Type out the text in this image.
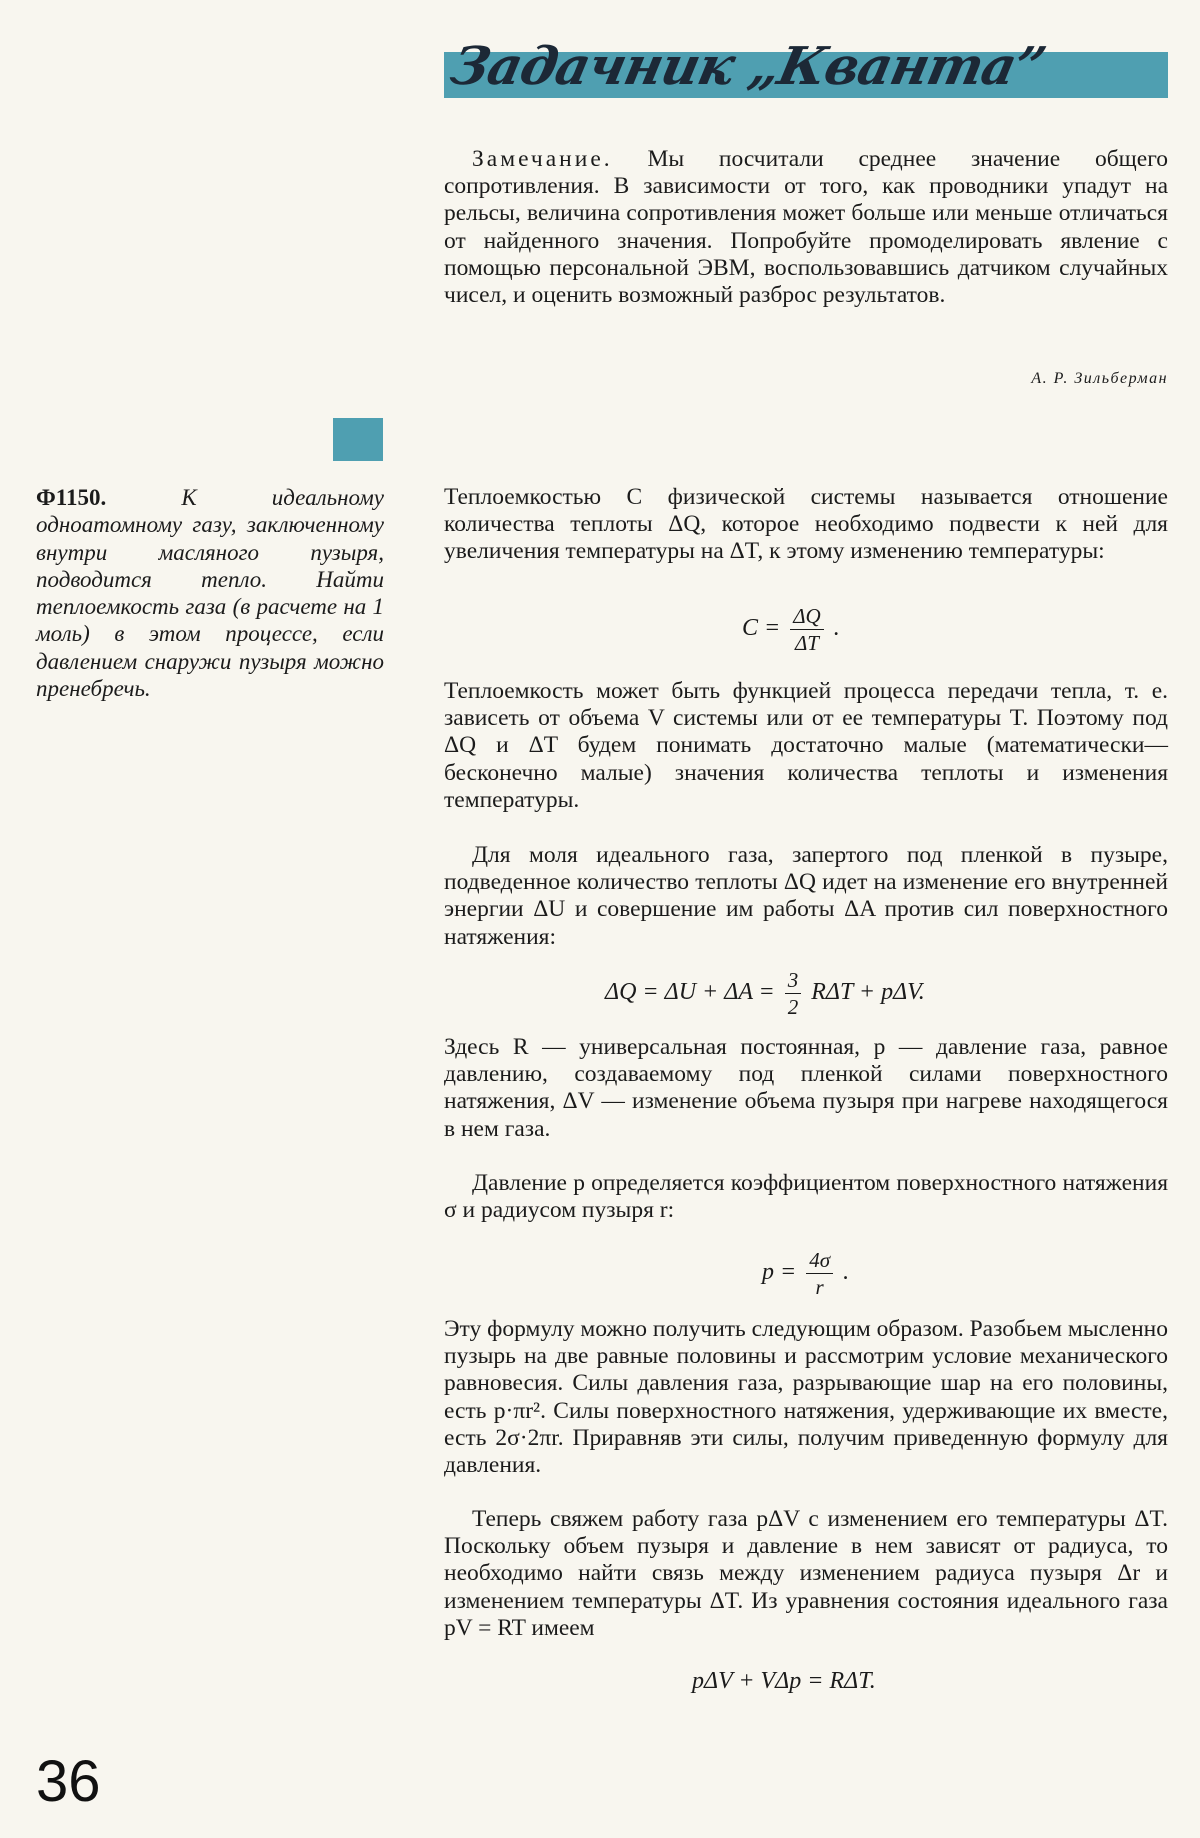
Задачник „Кванта”

Замечание. Мы посчитали среднее значение общего сопротивления. В зависимости от того, как проводники упадут на рельсы, величина сопротивления может больше или меньше отличаться от найденного значения. Попробуйте промоделировать явление с помощью персональной ЭВМ, воспользовавшись датчиком случайных чисел, и оценить возможный разброс результатов.

А. Р. Зильберман
Ф1150.	К идеальному одноатомному газу, заключенному внутри масляного пузыря, подводится тепло. Найти теплоемкость газа (в расчете на 1 моль) в этом процессе, если давлением снаружи пузыря можно пренебречь.

Теплоемкостью C физической системы называется отношение количества теплоты ΔQ, которое необходимо подвести к ней для увеличения температуры на ΔT, к этому изменению температуры:

$C = \frac{\Delta Q}{\Delta T}$ .

Теплоемкость может быть функцией процесса передачи тепла, т. е. зависеть от объема V системы или от ее температуры T. Поэтому под ΔQ и ΔT будем понимать достаточно малые (математически—бесконечно малые) значения количества теплоты и изменения температуры.

Для моля идеального газа, запертого под пленкой в пузыре, подведенное количество теплоты ΔQ идет на изменение его внутренней энергии ΔU и совершение им работы ΔA против сил поверхностного натяжения:

$\Delta Q = \Delta U + \Delta A = \frac{3}{2}$ RΔT + pΔV.

Здесь R — универсальная постоянная, p — давление газа, равное давлению, создаваемому под пленкой силами поверхностного натяжения, ΔV — изменение объема пузыря при нагреве находящегося в нем газа.

Давление p определяется коэффициентом поверхностного натяжения σ и радиусом пузыря r:

$p = \frac{4\sigma}{r}$ .

Эту формулу можно получить следующим образом. Разобьем мысленно пузырь на две равные половины и рассмотрим условие механического равновесия. Силы давления газа, разрывающие шар на его половины, есть p·πr². Силы поверхностного натяжения, удерживающие их вместе, есть 2σ·2πr. Приравняв эти силы, получим приведенную формулу для давления.

Теперь свяжем работу газа pΔV с изменением его температуры ΔT. Поскольку объем пузыря и давление в нем зависят от радиуса, то необходимо найти связь между изменением радиуса пузыря Δr и изменением температуры ΔT. Из уравнения состояния идеального газа pV = RT имеем

pΔV + VΔp = RΔT.
36
